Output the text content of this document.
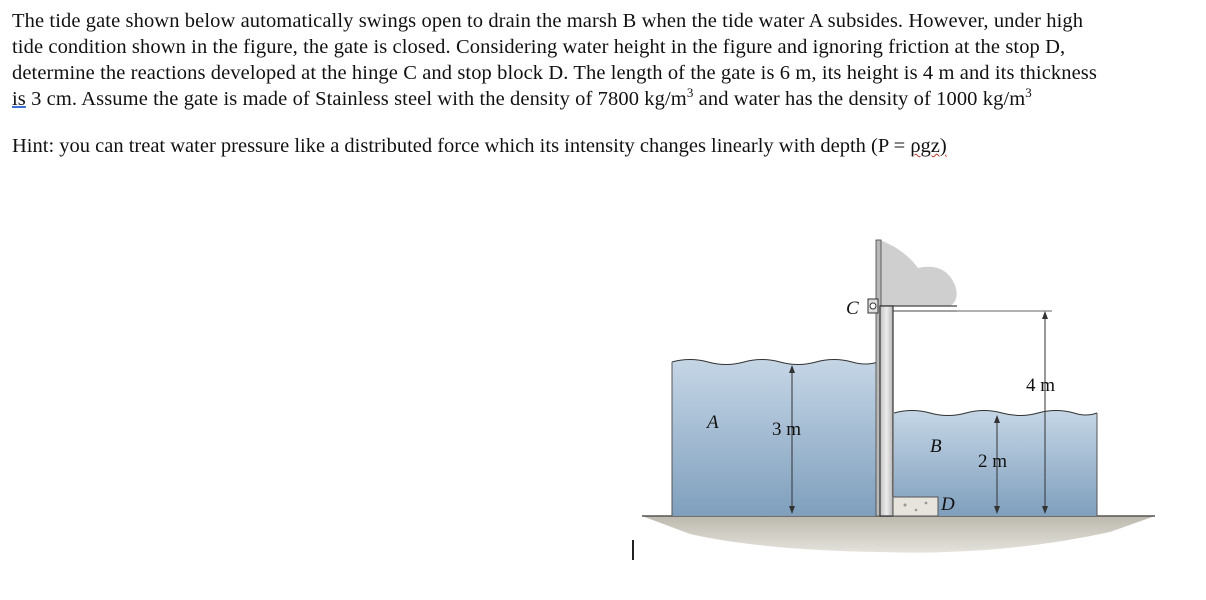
The tide gate shown below automatically swings open to drain the marsh B when the tide water A subsides. However, under high
tide condition shown in the figure, the gate is closed. Considering water height in the figure and ignoring friction at the stop D,
determine the reactions developed at the hinge C and stop block D. The length of the gate is 6 m, its height is 4 m and its thickness
is 3 cm. Assume the gate is made of Stainless steel with the density of 7800 $kg/m^3$ and water has the density of 1000 $kg/m^3$

Hint: you can treat water pressure like a distributed force which its intensity changes linearly with depth (P = ρgz)
A	3 m
B
2 m
C
D
4 m
